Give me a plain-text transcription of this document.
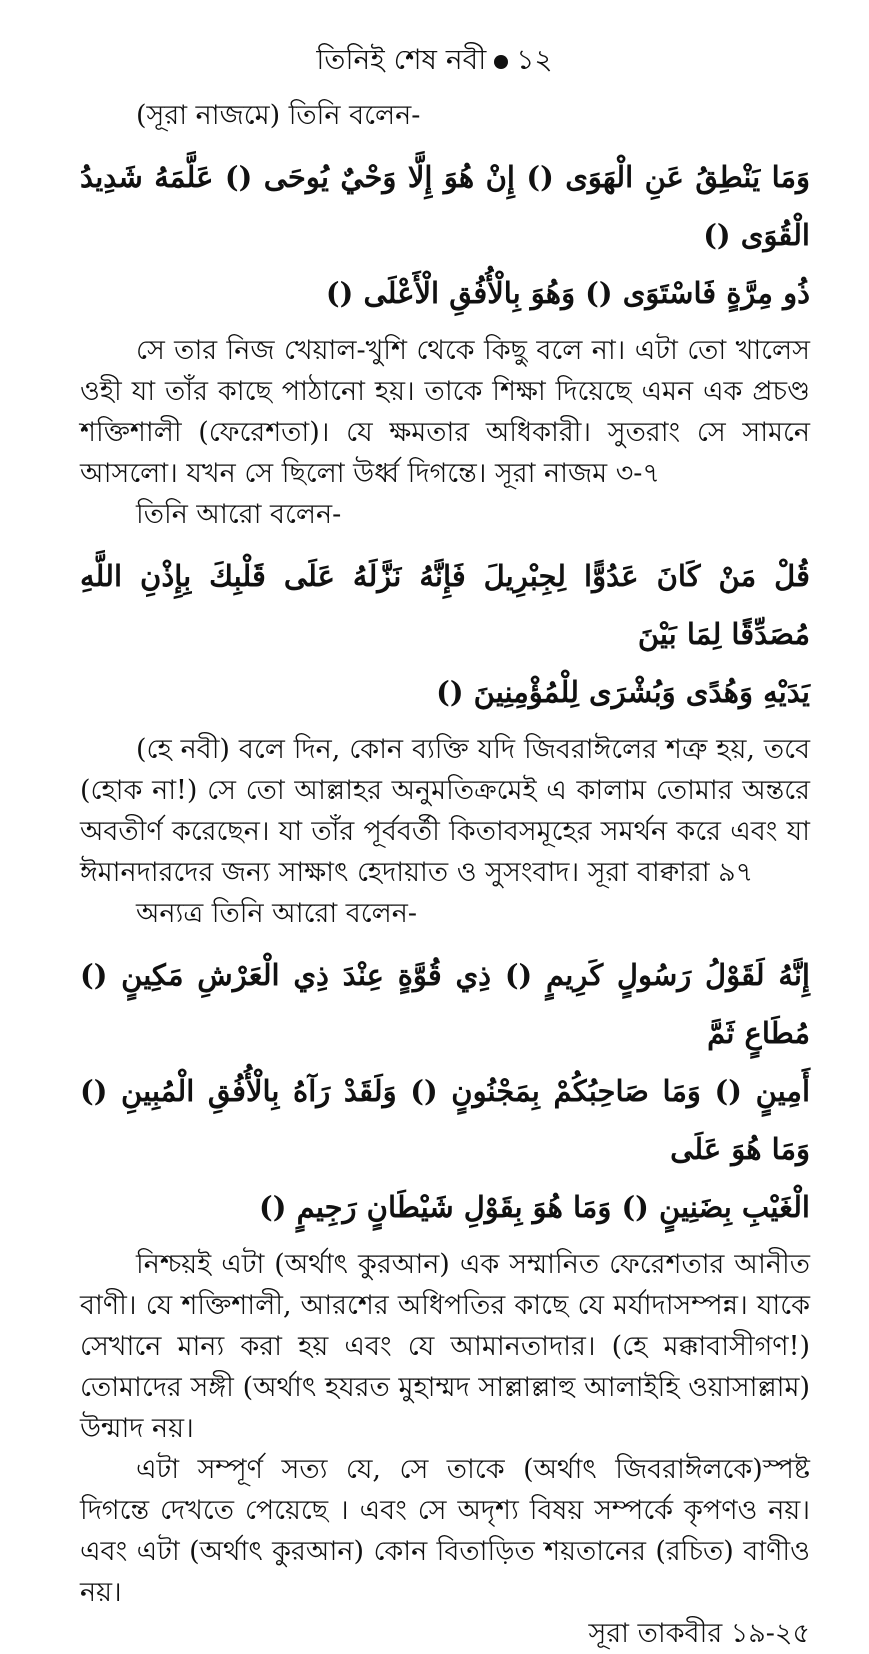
তিনিই শেষ নবী ১২

(সূরা নাজমে) তিনি বলেন-

وَمَا يَنْطِقُ عَنِ الْهَوَى () إِنْ هُوَ إِلَّا وَحْيٌ يُوحَى () عَلَّمَهُ شَدِيدُ الْقُوَى ()
ذُو مِرَّةٍ فَاسْتَوَى () وَهُوَ بِالْأُفُقِ الْأَعْلَى ()

সে তার নিজ খেয়াল-খুশি থেকে কিছু বলে না। এটা তো খালেস ওহী যা তাঁর কাছে পাঠানো হয়। তাকে শিক্ষা দিয়েছে এমন এক প্রচণ্ড শক্তিশালী (ফেরেশতা)। যে ক্ষমতার অধিকারী। সুতরাং সে সামনে আসলো। যখন সে ছিলো উর্ধ্ব দিগন্তে। সূরা নাজম ৩-৭

তিনি আরো বলেন-

قُلْ مَنْ كَانَ عَدُوًّا لِجِبْرِيلَ فَإِنَّهُ نَزَّلَهُ عَلَى قَلْبِكَ بِإِذْنِ اللَّهِ مُصَدِّقًا لِمَا بَيْنَ
يَدَيْهِ وَهُدًى وَبُشْرَى لِلْمُؤْمِنِينَ ()

(হে নবী) বলে দিন, কোন ব্যক্তি যদি জিবরাঈলের শত্রু হয়, তবে (হোক না!) সে তো আল্লাহর অনুমতিক্রমেই এ কালাম তোমার অন্তরে অবতীর্ণ করেছেন। যা তাঁর পূর্ববর্তী কিতাবসমূহের সমর্থন করে এবং যা ঈমানদারদের জন্য সাক্ষাৎ হেদায়াত ও সুসংবাদ। সূরা বাক্বারা ৯৭

অন্যত্র তিনি আরো বলেন-

إِنَّهُ لَقَوْلُ رَسُولٍ كَرِيمٍ () ذِي قُوَّةٍ عِنْدَ ذِي الْعَرْشِ مَكِينٍ () مُطَاعٍ ثَمَّ
أَمِينٍ () وَمَا صَاحِبُكُمْ بِمَجْنُونٍ () وَلَقَدْ رَآهُ بِالْأُفُقِ الْمُبِينِ () وَمَا هُوَ عَلَى
الْغَيْبِ بِضَنِينٍ () وَمَا هُوَ بِقَوْلِ شَيْطَانٍ رَجِيمٍ ()

নিশ্চয়ই এটা (অর্থাৎ কুরআন) এক সম্মানিত ফেরেশতার আনীত বাণী। যে শক্তিশালী, আরশের অধিপতির কাছে যে মর্যাদাসম্পন্ন। যাকে সেখানে মান্য করা হয় এবং যে আমানতাদার। (হে মক্কাবাসীগণ!) তোমাদের সঙ্গী (অর্থাৎ হযরত মুহাম্মদ সাল্লাল্লাহু আলাইহি ওয়াসাল্লাম) উন্মাদ নয়।

এটা সম্পূর্ণ সত্য যে, সে তাকে (অর্থাৎ জিবরাঈলকে)স্পষ্ট দিগন্তে দেখতে পেয়েছে । এবং সে অদৃশ্য বিষয় সম্পর্কে কৃপণও নয়। এবং এটা (অর্থাৎ কুরআন) কোন বিতাড়িত শয়তানের (রচিত) বাণীও নয়।

সূরা তাকবীর ১৯-২৫
